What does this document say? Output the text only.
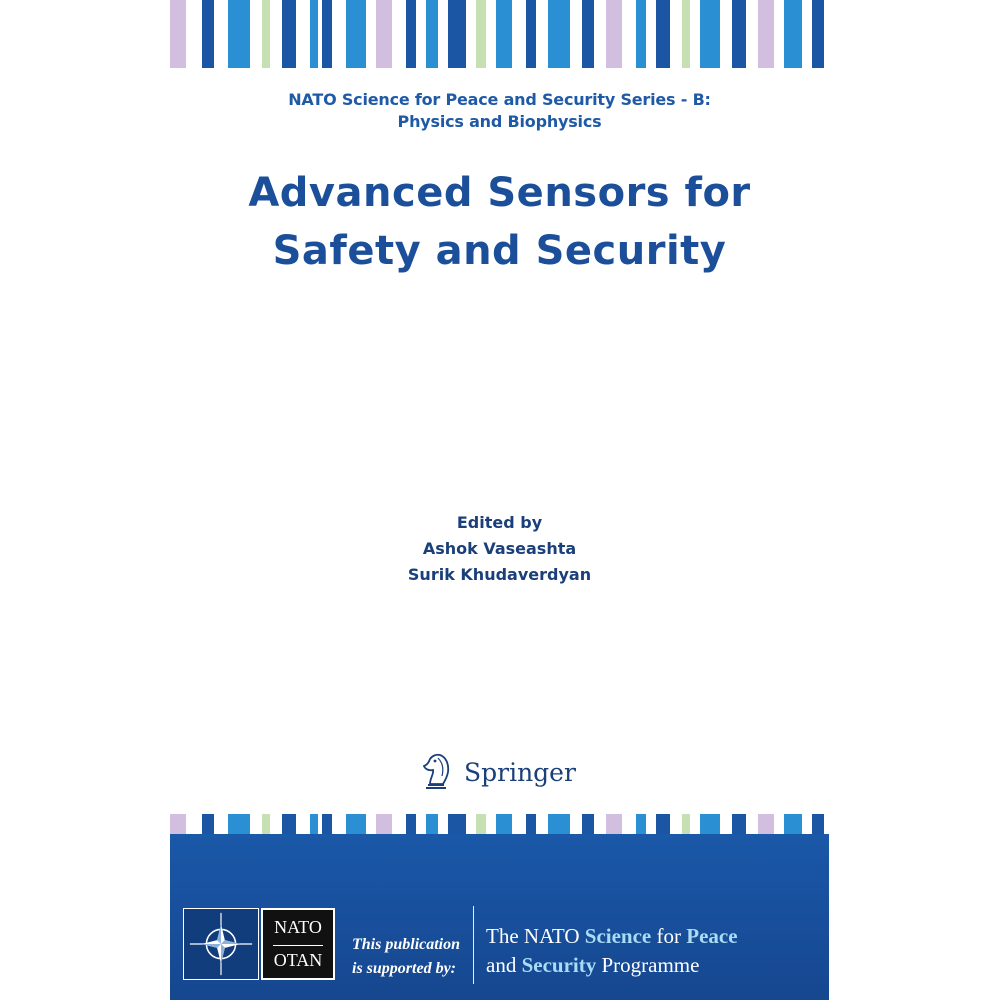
NATO Science for Peace and Security Series - B:
Physics and Biophysics
Advanced Sensors for
Safety and Security
Edited by
Ashok Vaseashta
Surik Khudaverdyan
Springer
NATO
OTAN
This publication
is supported by:
The NATO Science for Peace
and Security Programme
